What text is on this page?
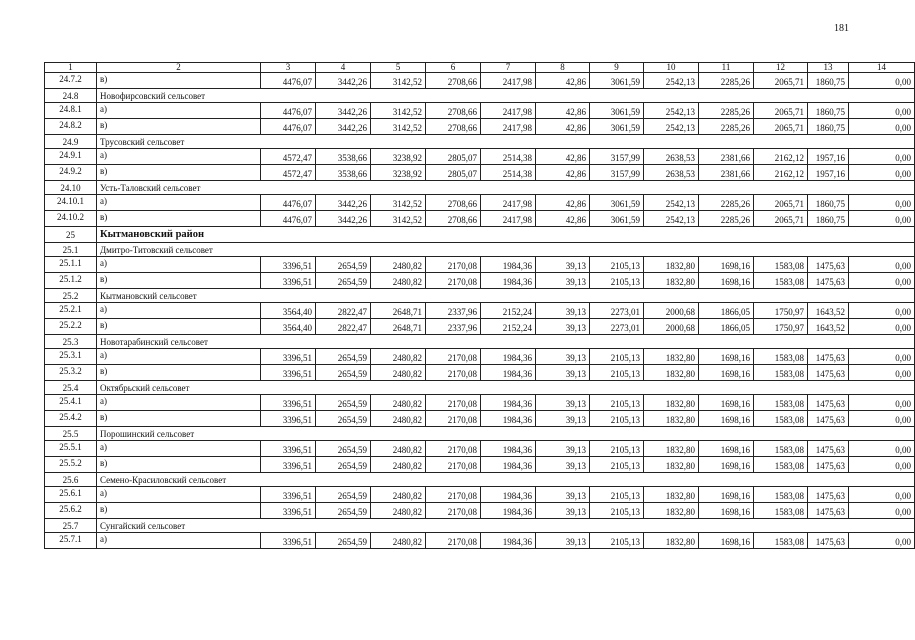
181
1	2	3	4	5	6	7	8	9	10	11	12	13	14
24.7.2	в)	4476,07	3442,26	3142,52	2708,66	2417,98	42,86	3061,59	2542,13	2285,26	2065,71	1860,75	0,00
24.8	Новофирсовский сельсовет												
24.8.1	а)	4476,07	3442,26	3142,52	2708,66	2417,98	42,86	3061,59	2542,13	2285,26	2065,71	1860,75	0,00
24.8.2	в)	4476,07	3442,26	3142,52	2708,66	2417,98	42,86	3061,59	2542,13	2285,26	2065,71	1860,75	0,00
24.9	Трусовский сельсовет												
24.9.1	а)	4572,47	3538,66	3238,92	2805,07	2514,38	42,86	3157,99	2638,53	2381,66	2162,12	1957,16	0,00
24.9.2	в)	4572,47	3538,66	3238,92	2805,07	2514,38	42,86	3157,99	2638,53	2381,66	2162,12	1957,16	0,00
24.10	Усть-Таловский сельсовет												
24.10.1	а)	4476,07	3442,26	3142,52	2708,66	2417,98	42,86	3061,59	2542,13	2285,26	2065,71	1860,75	0,00
24.10.2	в)	4476,07	3442,26	3142,52	2708,66	2417,98	42,86	3061,59	2542,13	2285,26	2065,71	1860,75	0,00
25	Кытмановский район												
25.1	Дмитро-Титовский сельсовет												
25.1.1	а)	3396,51	2654,59	2480,82	2170,08	1984,36	39,13	2105,13	1832,80	1698,16	1583,08	1475,63	0,00
25.1.2	в)	3396,51	2654,59	2480,82	2170,08	1984,36	39,13	2105,13	1832,80	1698,16	1583,08	1475,63	0,00
25.2	Кытмановский сельсовет												
25.2.1	а)	3564,40	2822,47	2648,71	2337,96	2152,24	39,13	2273,01	2000,68	1866,05	1750,97	1643,52	0,00
25.2.2	в)	3564,40	2822,47	2648,71	2337,96	2152,24	39,13	2273,01	2000,68	1866,05	1750,97	1643,52	0,00
25.3	Новотарабинский сельсовет												
25.3.1	а)	3396,51	2654,59	2480,82	2170,08	1984,36	39,13	2105,13	1832,80	1698,16	1583,08	1475,63	0,00
25.3.2	в)	3396,51	2654,59	2480,82	2170,08	1984,36	39,13	2105,13	1832,80	1698,16	1583,08	1475,63	0,00
25.4	Октябрьский сельсовет												
25.4.1	а)	3396,51	2654,59	2480,82	2170,08	1984,36	39,13	2105,13	1832,80	1698,16	1583,08	1475,63	0,00
25.4.2	в)	3396,51	2654,59	2480,82	2170,08	1984,36	39,13	2105,13	1832,80	1698,16	1583,08	1475,63	0,00
25.5	Порошинский сельсовет												
25.5.1	а)	3396,51	2654,59	2480,82	2170,08	1984,36	39,13	2105,13	1832,80	1698,16	1583,08	1475,63	0,00
25.5.2	в)	3396,51	2654,59	2480,82	2170,08	1984,36	39,13	2105,13	1832,80	1698,16	1583,08	1475,63	0,00
25.6	Семено-Красиловский сельсовет												
25.6.1	а)	3396,51	2654,59	2480,82	2170,08	1984,36	39,13	2105,13	1832,80	1698,16	1583,08	1475,63	0,00
25.6.2	в)	3396,51	2654,59	2480,82	2170,08	1984,36	39,13	2105,13	1832,80	1698,16	1583,08	1475,63	0,00
25.7	Сунгайский сельсовет												
25.7.1	а)	3396,51	2654,59	2480,82	2170,08	1984,36	39,13	2105,13	1832,80	1698,16	1583,08	1475,63	0,00
